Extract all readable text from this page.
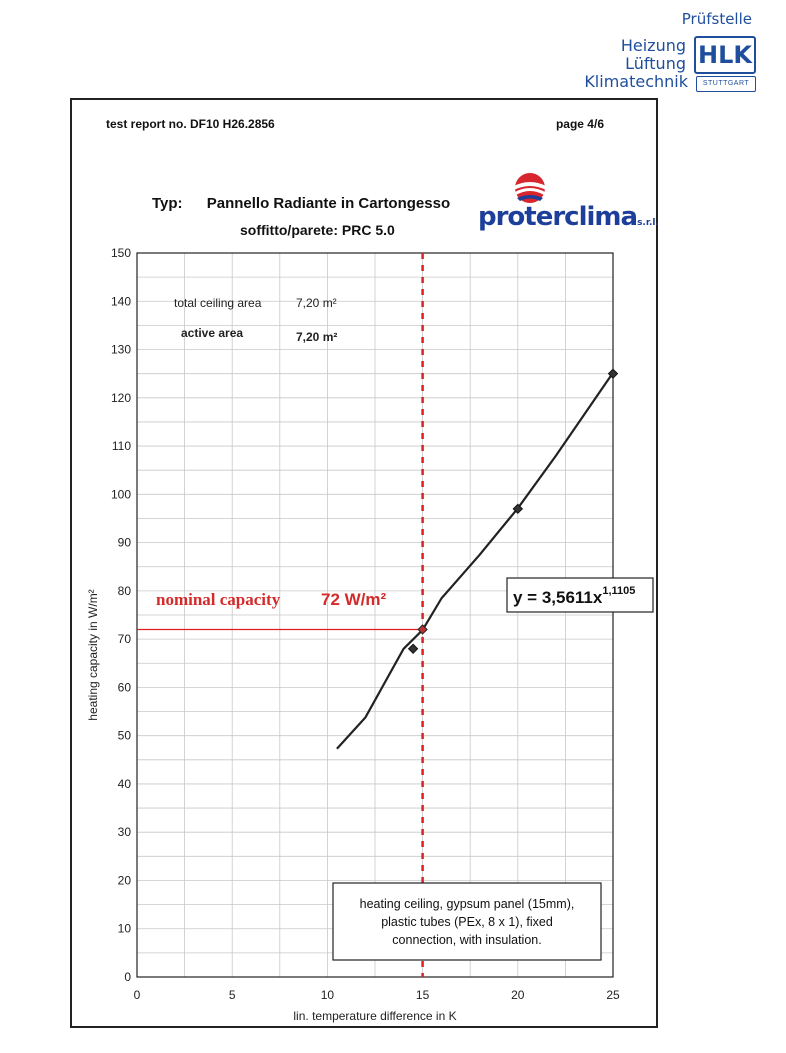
Prüfstelle
Heizung
Lüftung
Klimatechnik
HLK
STUTTGART
test report no. DF10 H26.2856	page 4/6
Typ: Pannello Radiante in Cartongesso
soffitto/parete: PRC 5.0	proterclimas.r.l.
0	5	10	15	20	25
0
10
20
30
40
50
60
70
80
90
100
110
120
130
140
150
lin. temperature difference in K
heating capacity in W/m²
total ceiling area	7,20 m²
active area	7,20 m²
nominal capacity 72 W/m²	$y = 3,5611x^{1,1105}$
heating ceiling, gypsum panel (15mm),
plastic tubes (PEx, 8 x 1), fixed
connection, with insulation.
